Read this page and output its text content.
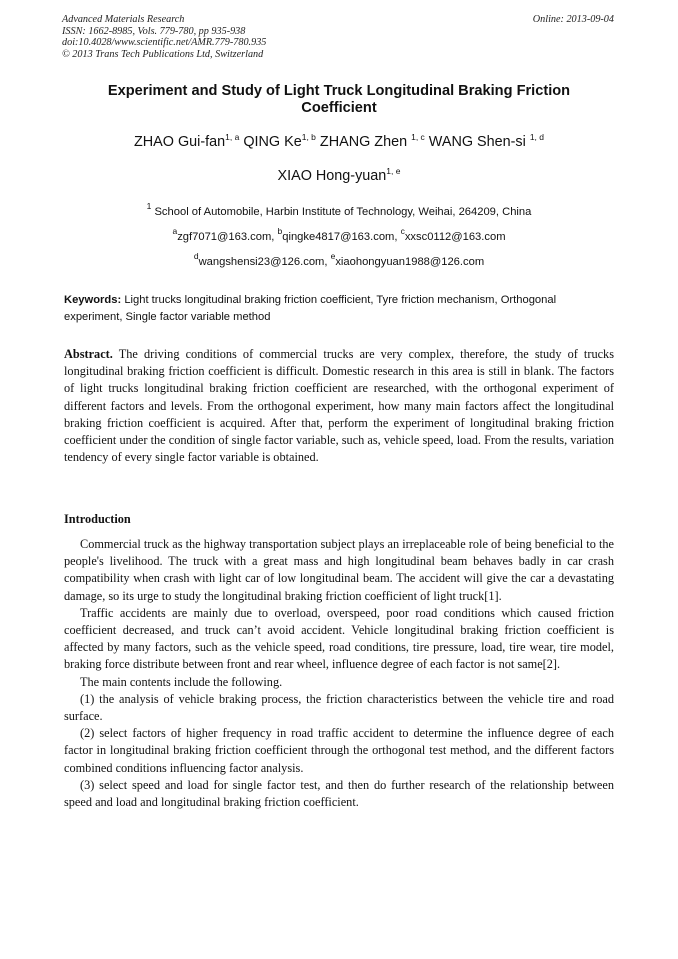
Advanced Materials Research
ISSN: 1662-8985, Vols. 779-780, pp 935-938
doi:10.4028/www.scientific.net/AMR.779-780.935
© 2013 Trans Tech Publications Ltd, Switzerland
Online: 2013-09-04
Experiment and Study of Light Truck Longitudinal Braking Friction Coefficient
ZHAO Gui-fan$^{1, a}$ QING Ke$^{1, b}$ ZHANG Zhen $^{1, c}$ WANG Shen-si $^{1, d}$
XIAO Hong-yuan$^{1, e}$
$^1$ School of Automobile, Harbin Institute of Technology, Weihai, 264209, China
$^a$zgf7071@163.com, $^b$qingke4817@163.com, $^c$xxsc0112@163.com
$^d$wangshensi23@126.com, $^e$xiaohongyuan1988@126.com
Keywords: Light trucks longitudinal braking friction coefficient, Tyre friction mechanism, Orthogonal experiment, Single factor variable method
Abstract. The driving conditions of commercial trucks are very complex, therefore, the study of trucks longitudinal braking friction coefficient is difficult. Domestic research in this area is still in blank. The factors of light trucks longitudinal braking friction coefficient are researched, with the orthogonal experiment of different factors and levels. From the orthogonal experiment, how many main factors affect the longitudinal braking friction coefficient is acquired. After that, perform the experiment of longitudinal braking friction coefficient under the condition of single factor variable, such as, vehicle speed, load. From the results, variation tendency of every single factor variable is obtained.
Introduction

Commercial truck as the highway transportation subject plays an irreplaceable role of being beneficial to the people's livelihood. The truck with a great mass and high longitudinal beam behaves badly in car crash compatibility when crash with light car of low longitudinal beam. The accident will give the car a devastating damage, so its urge to study the longitudinal braking friction coefficient of light truck[1].

Traffic accidents are mainly due to overload, overspeed, poor road conditions which caused friction coefficient decreased, and truck can’t avoid accident. Vehicle longitudinal braking friction coefficient is affected by many factors, such as the vehicle speed, road conditions, tire pressure, load, tire wear, tire model, braking force distribute between front and rear wheel, influence degree of each factor is not same[2].

The main contents include the following.

(1) the analysis of vehicle braking process, the friction characteristics between the vehicle tire and road surface.

(2) select factors of higher frequency in road traffic accident to determine the influence degree of each factor in longitudinal braking friction coefficient through the orthogonal test method, and the different factors combined conditions influencing factor analysis.

(3) select speed and load for single factor test, and then do further research of the relationship between speed and load and longitudinal braking friction coefficient.
